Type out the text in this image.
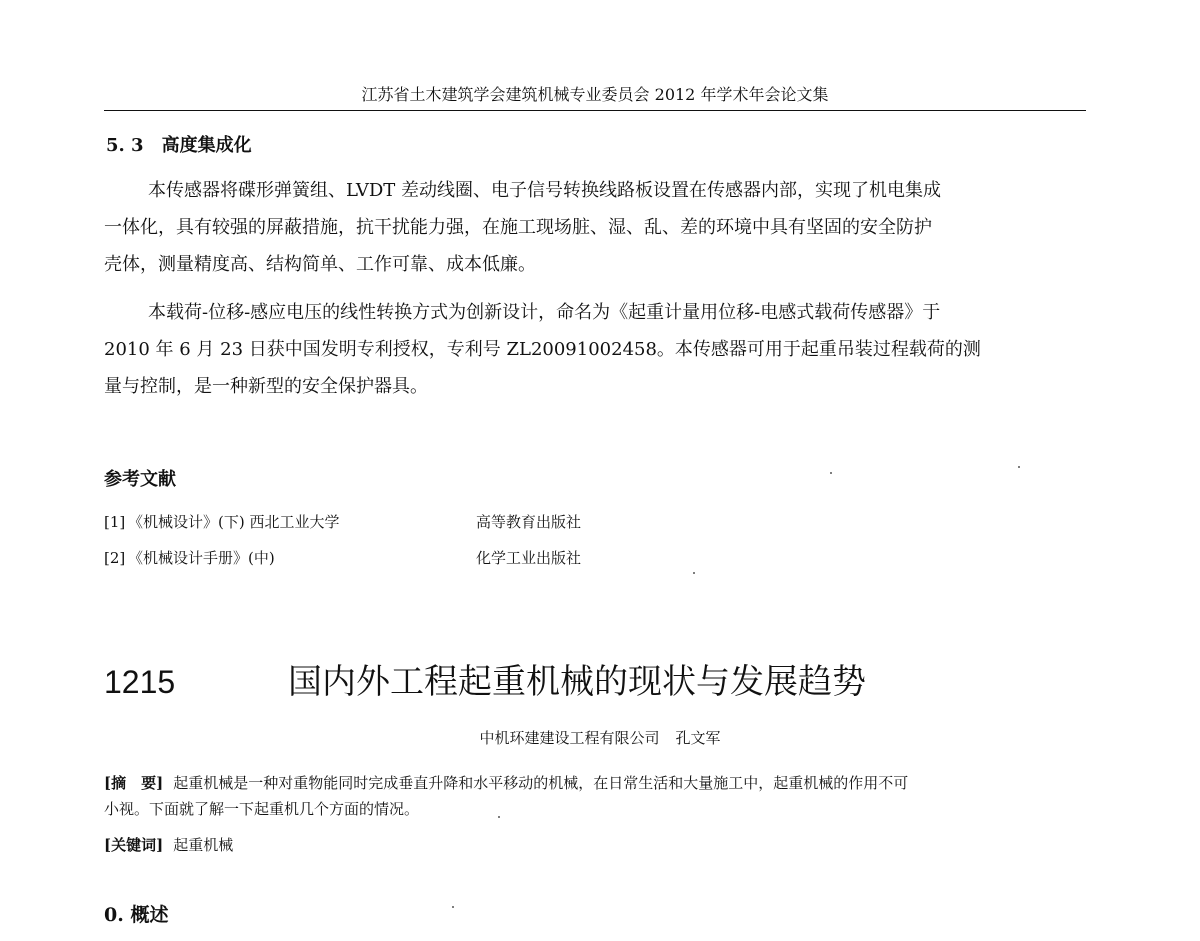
江苏省土木建筑学会建筑机械专业委员会 2012 年学术年会论文集
5. 3 高度集成化

本传感器将碟形弹簧组、LVDT 差动线圈、电子信号转换线路板设置在传感器内部，实现了机电集成
一体化，具有较强的屏蔽措施，抗干扰能力强，在施工现场脏、湿、乱、差的环境中具有坚固的安全防护
壳体，测量精度高、结构简单、工作可靠、成本低廉。

本载荷-位移-感应电压的线性转换方式为创新设计，命名为《起重计量用位移-电感式载荷传感器》于
2010 年 6 月 23 日获中国发明专利授权，专利号 ZL20091002458。本传感器可用于起重吊装过程载荷的测
量与控制，是一种新型的安全保护器具。

参考文献
[1] 《机械设计》(下) 西北工业大学	高等教育出版社
[2] 《机械设计手册》(中)	化学工业出版社
1215	国内外工程起重机械的现状与发展趋势
中机环建建设工程有限公司 孔文军
[摘　要] 起重机械是一种对重物能同时完成垂直升降和水平移动的机械，在日常生活和大量施工中，起重机械的作用不可
小视。下面就了解一下起重机几个方面的情况。
[关键词] 起重机械
0. 概述
